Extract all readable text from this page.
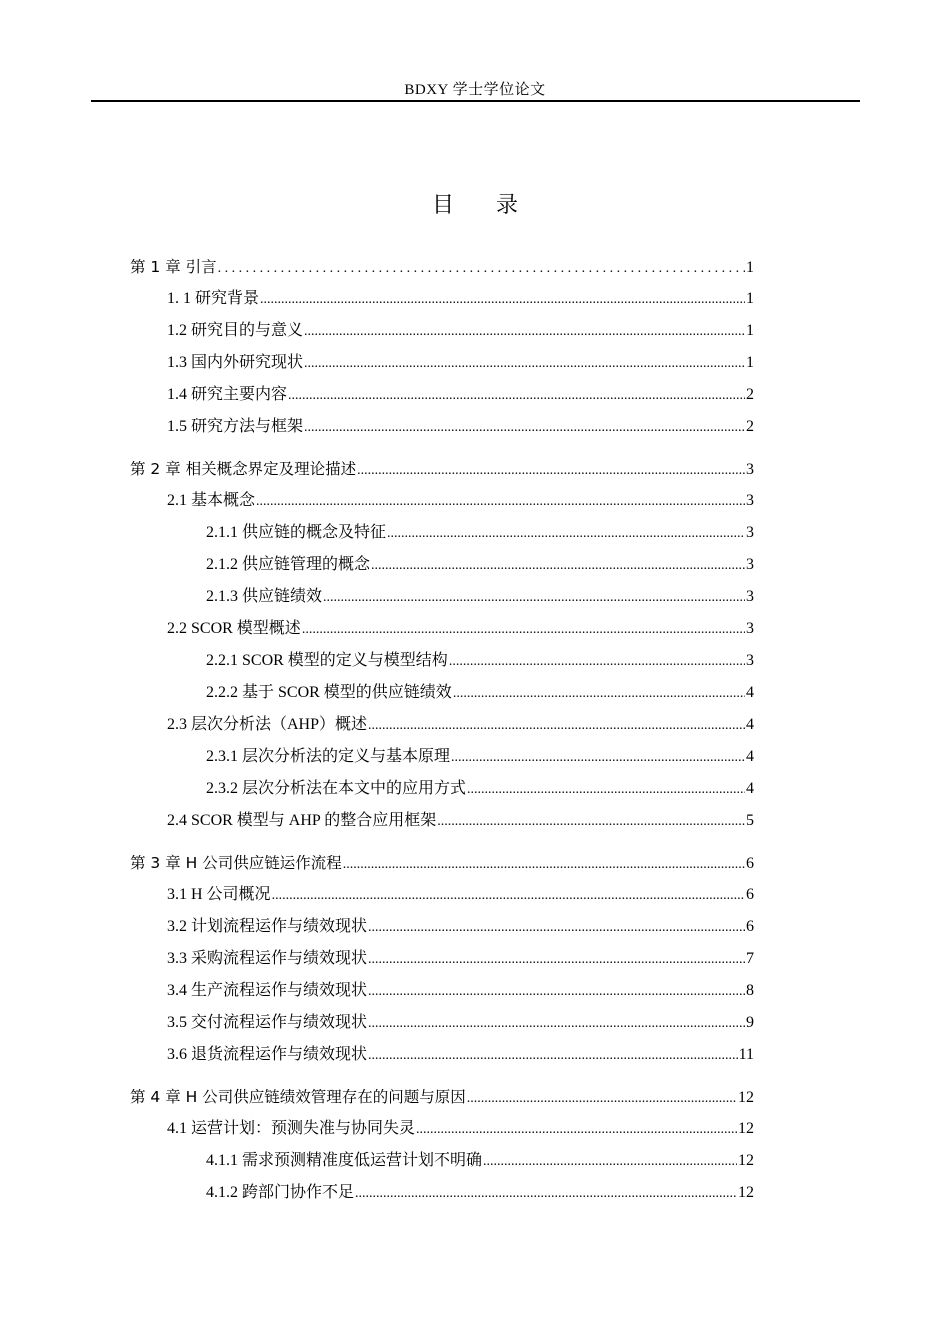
BDXY 学士学位论文
目录
第 1 章 引言 . . .	1
1. 1 研究背景 .....	1
1.2 研究目的与意义 .....	1
1.3 国内外研究现状 .....	1
1.4 研究主要内容 .....	2
1.5 研究方法与框架 .....	2
第 2 章 相关概念界定及理论描述 .....	3
2.1 基本概念 .....	3
2.1.1 供应链的概念及特征 .....	3
2.1.2 供应链管理的概念 .....	3
2.1.3 供应链绩效 .....	3
2.2 SCOR 模型概述 .....	3
2.2.1 SCOR 模型的定义与模型结构 .....	3
2.2.2 基于 SCOR 模型的供应链绩效 .....	4
2.3 层次分析法（AHP）概述 .....	4
2.3.1 层次分析法的定义与基本原理 .....	4
2.3.2 层次分析法在本文中的应用方式 .....	4
2.4 SCOR 模型与 AHP 的整合应用框架 .....	5
第 3 章 H 公司供应链运作流程 .....	6
3.1 H 公司概况 .....	6
3.2 计划流程运作与绩效现状 .....	6
3.3 采购流程运作与绩效现状 .....	7
3.4 生产流程运作与绩效现状 .....	8
3.5 交付流程运作与绩效现状 .....	9
3.6 退货流程运作与绩效现状 .....	11
第 4 章 H 公司供应链绩效管理存在的问题与原因 .....	12
4.1 运营计划：预测失准与协同失灵 .....	12
4.1.1 需求预测精准度低运营计划不明确 .....	12
4.1.2 跨部门协作不足 .....	12
